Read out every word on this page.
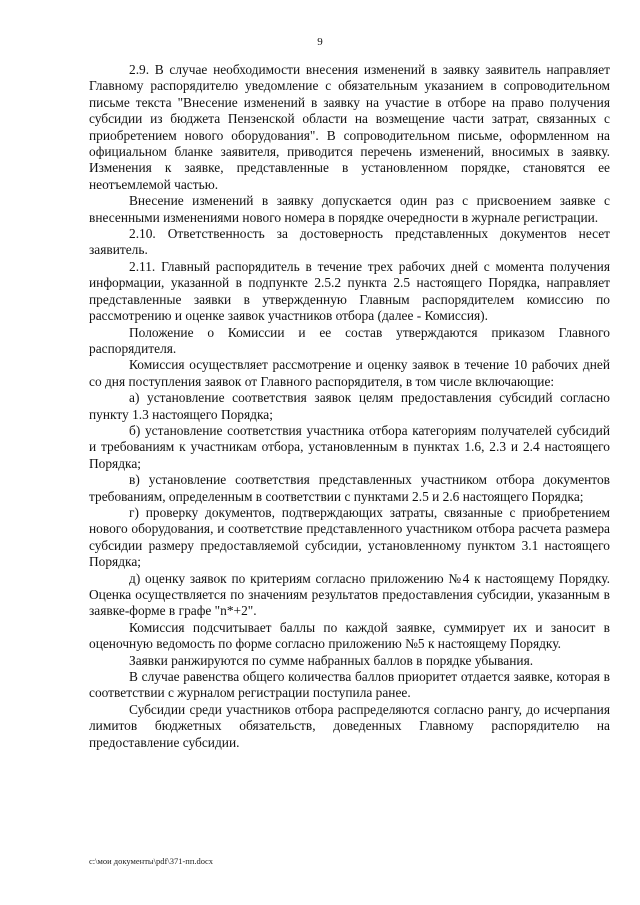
9

2.9. В случае необходимости внесения изменений в заявку заявитель направляет Главному распорядителю уведомление с обязательным указанием в сопроводительном письме текста "Внесение изменений в заявку на участие в отборе на право получения субсидии из бюджета Пензенской области на возмещение части затрат, связанных с приобретением нового оборудования". В сопроводительном письме, оформленном на официальном бланке заявителя, приводится перечень изменений, вносимых в заявку. Изменения к заявке, представленные в установленном порядке, становятся ее неотъемлемой частью.

Внесение изменений в заявку допускается один раз с присвоением заявке с внесенными изменениями нового номера в порядке очередности в журнале регистрации.

2.10. Ответственность за достоверность представленных документов несет заявитель.

2.11. Главный распорядитель в течение трех рабочих дней с момента получения информации, указанной в подпункте 2.5.2 пункта 2.5 настоящего Порядка, направляет представленные заявки в утвержденную Главным распорядителем комиссию по рассмотрению и оценке заявок участников отбора (далее - Комиссия).

Положение о Комиссии и ее состав утверждаются приказом Главного распорядителя.

Комиссия осуществляет рассмотрение и оценку заявок в течение 10 рабочих дней со дня поступления заявок от Главного распорядителя, в том числе включающие:

а) установление соответствия заявок целям предоставления субсидий согласно пункту 1.3 настоящего Порядка;

б) установление соответствия участника отбора категориям получателей субсидий и требованиям к участникам отбора, установленным в пунктах 1.6, 2.3 и 2.4 настоящего Порядка;

в) установление соответствия представленных участником отбора документов требованиям, определенным в соответствии с пунктами 2.5 и 2.6 настоящего Порядка;

г) проверку документов, подтверждающих затраты, связанные с приобретением нового оборудования, и соответствие представленного участником отбора расчета размера субсидии размеру предоставляемой субсидии, установленному пунктом 3.1 настоящего Порядка;

д) оценку заявок по критериям согласно приложению №4 к настоящему Порядку. Оценка осуществляется по значениям результатов предоставления субсидии, указанным в заявке-форме в графе "n*+2".

Комиссия подсчитывает баллы по каждой заявке, суммирует их и заносит в оценочную ведомость по форме согласно приложению №5 к настоящему Порядку.

Заявки ранжируются по сумме набранных баллов в порядке убывания.

В случае равенства общего количества баллов приоритет отдается заявке, которая в соответствии с журналом регистрации поступила ранее.

Субсидии среди участников отбора распределяются согласно рангу, до исчерпания лимитов бюджетных обязательств, доведенных Главному распорядителю на предоставление субсидии.

c:\мои документы\pdf\371-пп.docx
